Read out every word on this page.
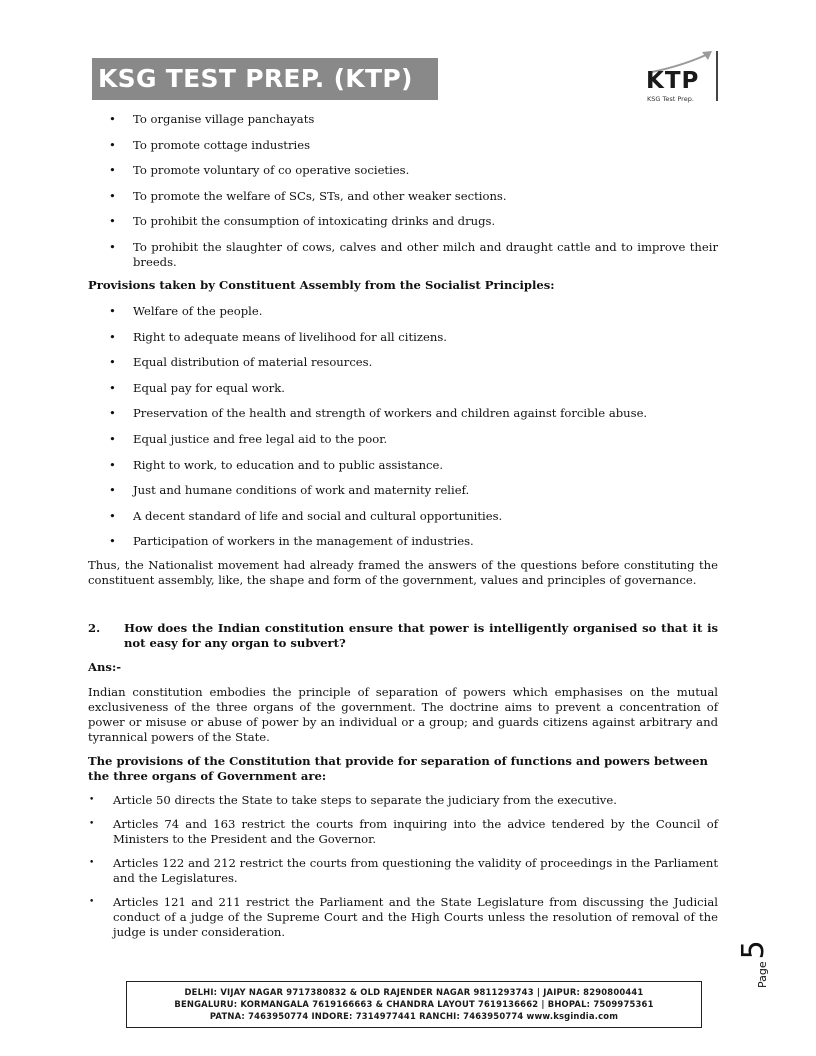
KSG TEST PREP. (KTP)	KTP
KSG Test Prep.
• To organise village panchayats
• To promote cottage industries
• To promote voluntary of co operative societies.
• To promote the welfare of SCs, STs, and other weaker sections.
• To prohibit the consumption of intoxicating drinks and drugs.
• To prohibit the slaughter of cows, calves and other milch and draught cattle and to improve their breeds.

Provisions taken by Constituent Assembly from the Socialist Principles:

• Welfare of the people.
• Right to adequate means of livelihood for all citizens.
• Equal distribution of material resources.
• Equal pay for equal work.
• Preservation of the health and strength of workers and children against forcible abuse.
• Equal justice and free legal aid to the poor.
• Right to work, to education and to public assistance.
• Just and humane conditions of work and maternity relief.
• A decent standard of life and social and cultural opportunities.
• Participation of workers in the management of industries.

Thus, the Nationalist movement had already framed the answers of the questions before constituting the constituent assembly, like, the shape and form of the government, values and principles of governance.

2.	How does the Indian constitution ensure that power is intelligently organised so that it is not easy for any organ to subvert?

Ans:-

Indian constitution embodies the principle of separation of powers which emphasises on the mutual exclusiveness of the three organs of the government. The doctrine aims to prevent a concentration of power or misuse or abuse of power by an individual or a group; and guards citizens against arbitrary and tyrannical powers of the State.

The provisions of the Constitution that provide for separation of functions and powers between the three organs of Government are:

• Article 50 directs the State to take steps to separate the judiciary from the executive.
• Articles 74 and 163 restrict the courts from inquiring into the advice tendered by the Council of Ministers to the President and the Governor.
• Articles 122 and 212 restrict the courts from questioning the validity of proceedings in the Parliament and the Legislatures.
• Articles 121 and 211 restrict the Parliament and the State Legislature from discussing the Judicial conduct of a judge of the Supreme Court and the High Courts unless the resolution of removal of the judge is under consideration.
Page
5
DELHI: VIJAY NAGAR 9717380832 & OLD RAJENDER NAGAR 9811293743 | JAIPUR: 8290800441
BENGALURU: KORMANGALA 7619166663 & CHANDRA LAYOUT 7619136662 | BHOPAL: 7509975361
PATNA: 7463950774 INDORE: 7314977441 RANCHI: 7463950774 www.ksgindia.com
